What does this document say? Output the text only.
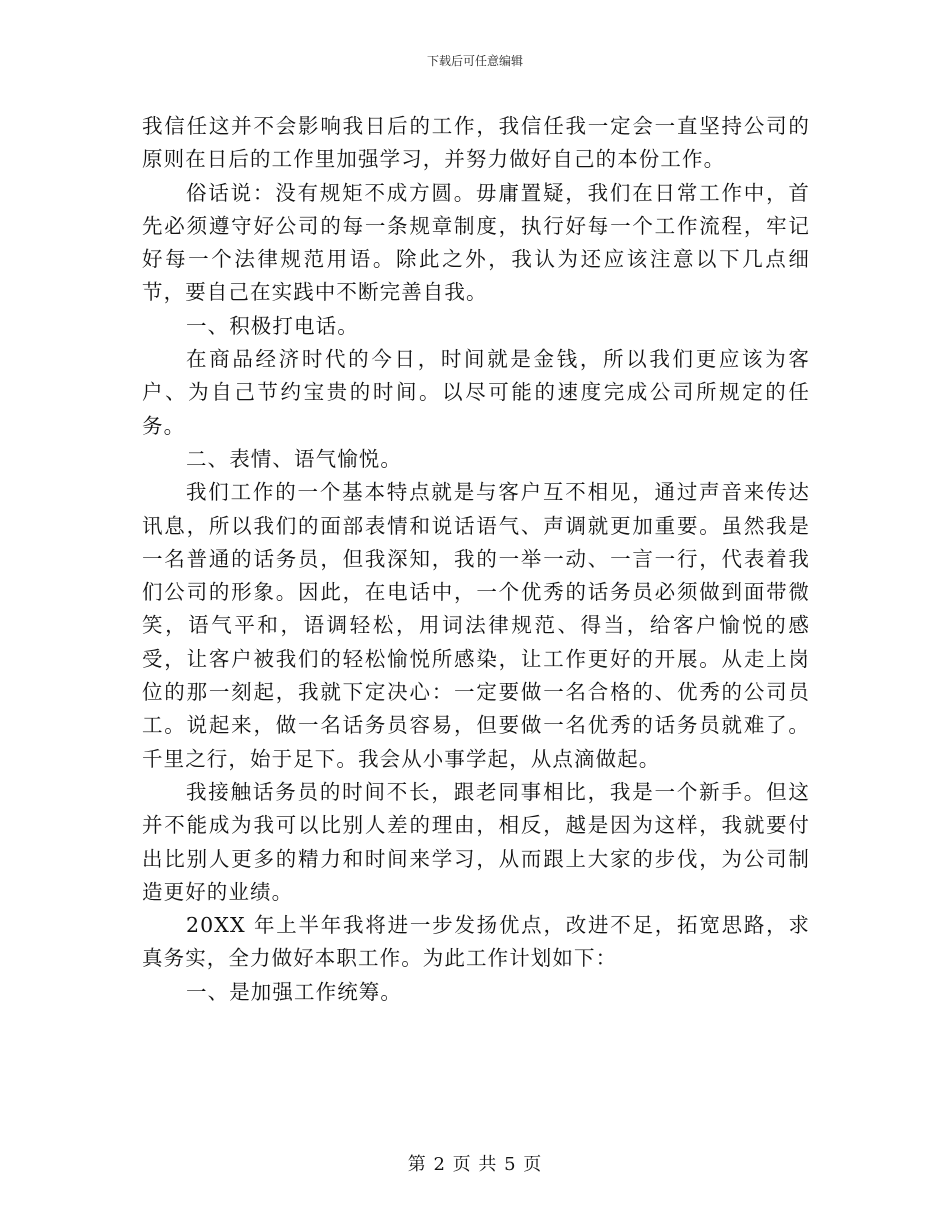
下载后可任意编辑

我信任这并不会影响我日后的工作，我信任我一定会一直坚持公司的原则在日后的工作里加强学习，并努力做好自己的本份工作。

俗话说：没有规矩不成方圆。毋庸置疑，我们在日常工作中，首先必须遵守好公司的每一条规章制度，执行好每一个工作流程，牢记好每一个法律规范用语。除此之外，我认为还应该注意以下几点细节，要自己在实践中不断完善自我。

一、积极打电话。

在商品经济时代的今日，时间就是金钱，所以我们更应该为客户、为自己节约宝贵的时间。以尽可能的速度完成公司所规定的任务。

二、表情、语气愉悦。

我们工作的一个基本特点就是与客户互不相见，通过声音来传达讯息，所以我们的面部表情和说话语气、声调就更加重要。虽然我是一名普通的话务员，但我深知，我的一举一动、一言一行，代表着我们公司的形象。因此，在电话中，一个优秀的话务员必须做到面带微笑，语气平和，语调轻松，用词法律规范、得当，给客户愉悦的感受，让客户被我们的轻松愉悦所感染，让工作更好的开展。从走上岗位的那一刻起，我就下定决心：一定要做一名合格的、优秀的公司员工。说起来，做一名话务员容易，但要做一名优秀的话务员就难了。千里之行，始于足下。我会从小事学起，从点滴做起。

我接触话务员的时间不长，跟老同事相比，我是一个新手。但这并不能成为我可以比别人差的理由，相反，越是因为这样，我就要付出比别人更多的精力和时间来学习，从而跟上大家的步伐，为公司制造更好的业绩。

20XX 年上半年我将进一步发扬优点，改进不足，拓宽思路，求真务实，全力做好本职工作。为此工作计划如下：

一、是加强工作统筹。

第 2 页 共 5 页
